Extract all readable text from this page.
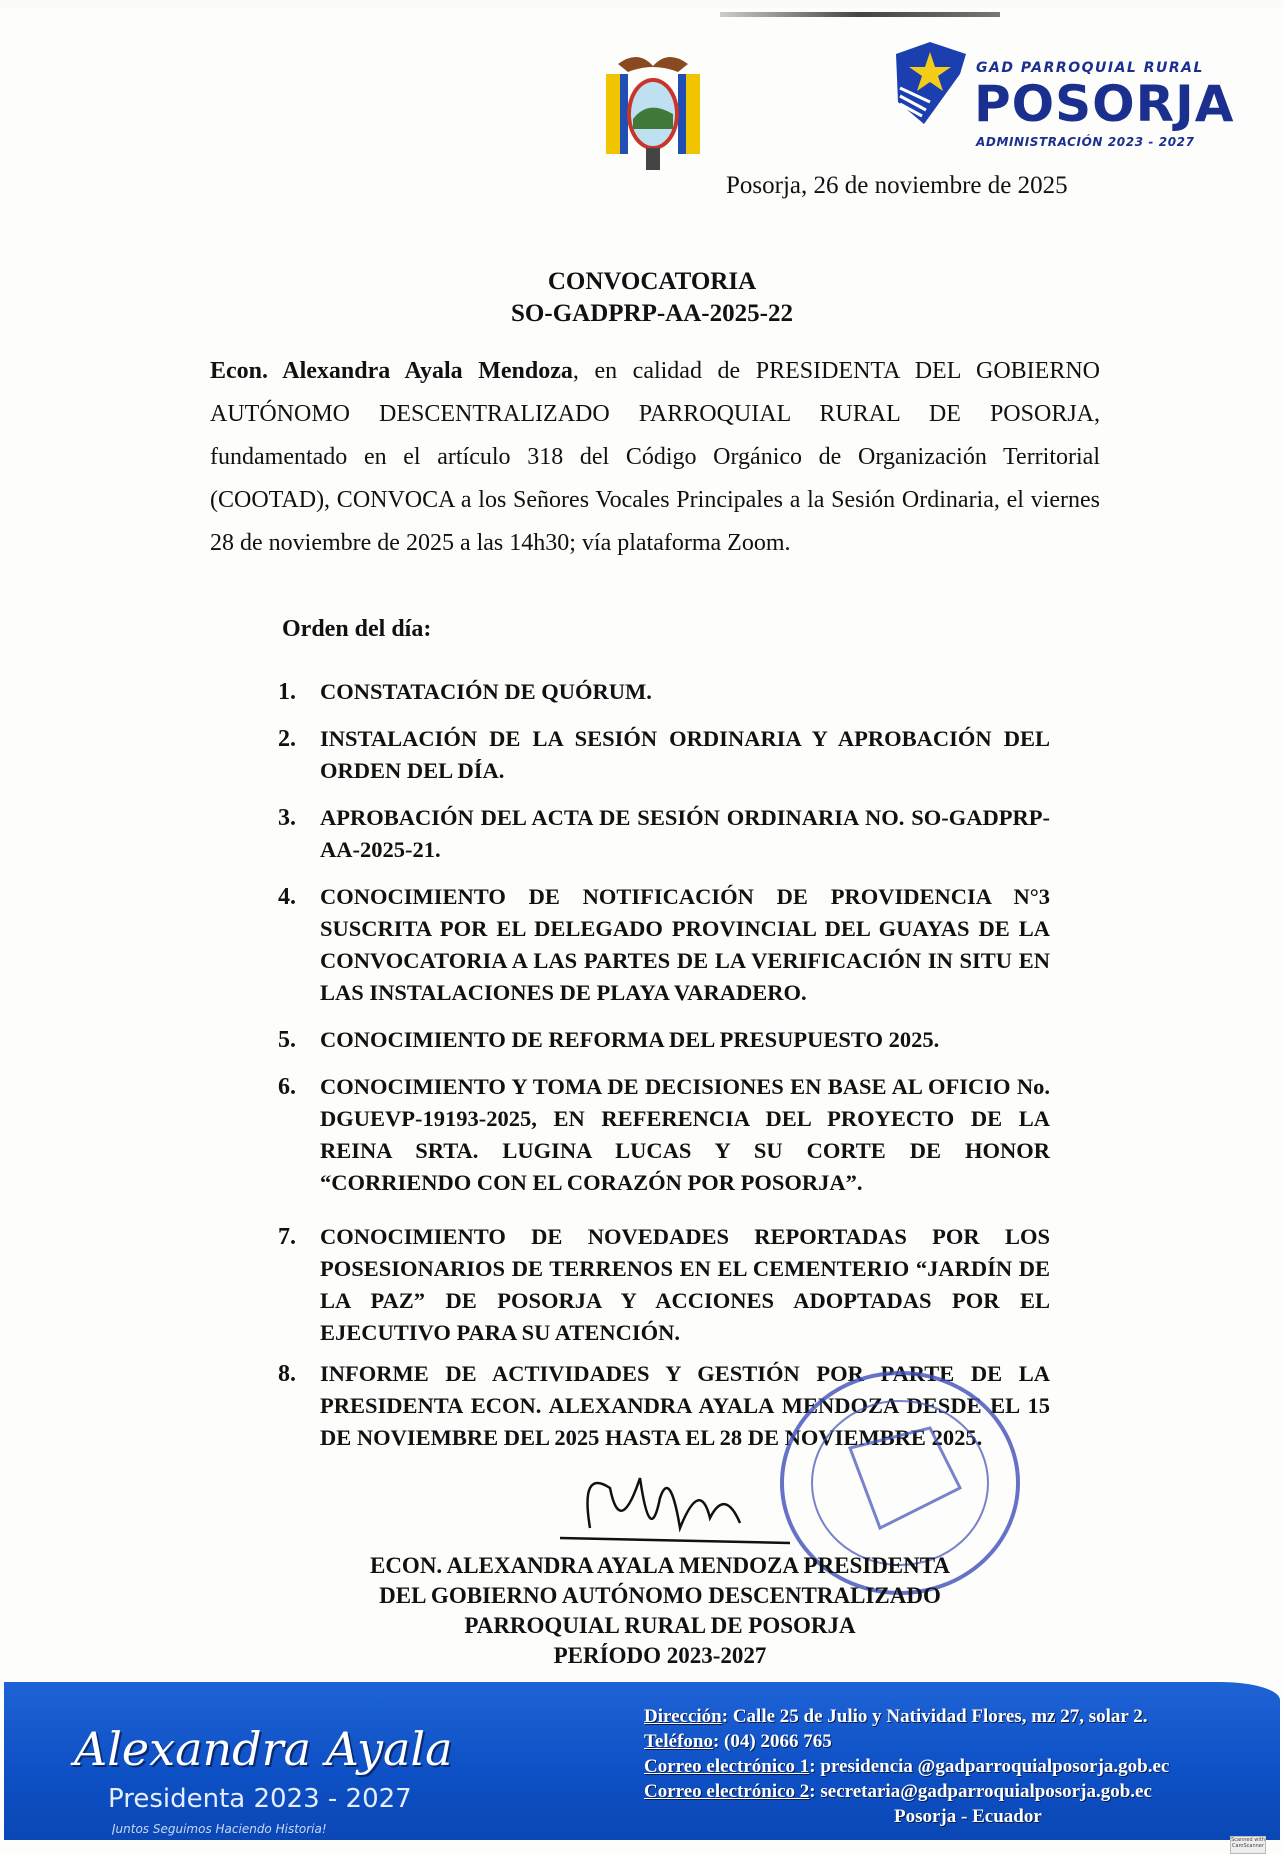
GAD PARROQUIAL RURAL
POSORJA
ADMINISTRACIÓN 2023 - 2027
Posorja, 26 de noviembre de 2025
CONVOCATORIA
SO-GADPRP-AA-2025-22
Econ. Alexandra Ayala Mendoza, en calidad de PRESIDENTA DEL GOBIERNO AUTÓNOMO DESCENTRALIZADO PARROQUIAL RURAL DE POSORJA, fundamentado en el artículo 318 del Código Orgánico de Organización Territorial (COOTAD), CONVOCA a los Señores Vocales Principales a la Sesión Ordinaria, el viernes 28 de noviembre de 2025 a las 14h30; vía plataforma Zoom.
Orden del día:
1. CONSTATACIÓN DE QUÓRUM.
2. INSTALACIÓN DE LA SESIÓN ORDINARIA Y APROBACIÓN DEL ORDEN DEL DÍA.
3. APROBACIÓN DEL ACTA DE SESIÓN ORDINARIA NO. SO-GADPRP-AA-2025-21.
4. CONOCIMIENTO DE NOTIFICACIÓN DE PROVIDENCIA N°3 SUSCRITA POR EL DELEGADO PROVINCIAL DEL GUAYAS DE LA CONVOCATORIA A LAS PARTES DE LA VERIFICACIÓN IN SITU EN LAS INSTALACIONES DE PLAYA VARADERO.
5. CONOCIMIENTO DE REFORMA DEL PRESUPUESTO 2025.
6. CONOCIMIENTO Y TOMA DE DECISIONES EN BASE AL OFICIO No. DGUEVP-19193-2025, EN REFERENCIA DEL PROYECTO DE LA REINA SRTA. LUGINA LUCAS Y SU CORTE DE HONOR “CORRIENDO CON EL CORAZÓN POR POSORJA”.
7. CONOCIMIENTO DE NOVEDADES REPORTADAS POR LOS POSESIONARIOS DE TERRENOS EN EL CEMENTERIO “JARDÍN DE LA PAZ” DE POSORJA Y ACCIONES ADOPTADAS POR EL EJECUTIVO PARA SU ATENCIÓN.
8. INFORME DE ACTIVIDADES Y GESTIÓN POR PARTE DE LA PRESIDENTA ECON. ALEXANDRA AYALA MENDOZA DESDE EL 15 DE NOVIEMBRE DEL 2025 HASTA EL 28 DE NOVIEMBRE 2025.
ECON. ALEXANDRA AYALA MENDOZA PRESIDENTA
DEL GOBIERNO AUTÓNOMO DESCENTRALIZADO
PARROQUIAL RURAL DE POSORJA
PERÍODO 2023-2027
Alexandra Ayala
Presidenta 2023 - 2027
Juntos Seguimos Haciendo Historia!
Dirección: Calle 25 de Julio y Natividad Flores, mz 27, solar 2.
Teléfono: (04) 2066 765
Correo electrónico 1: presidencia @gadparroquialposorja.gob.ec
Correo electrónico 2: secretaria@gadparroquialposorja.gob.ec
Posorja - Ecuador
Scanned with CamScanner
